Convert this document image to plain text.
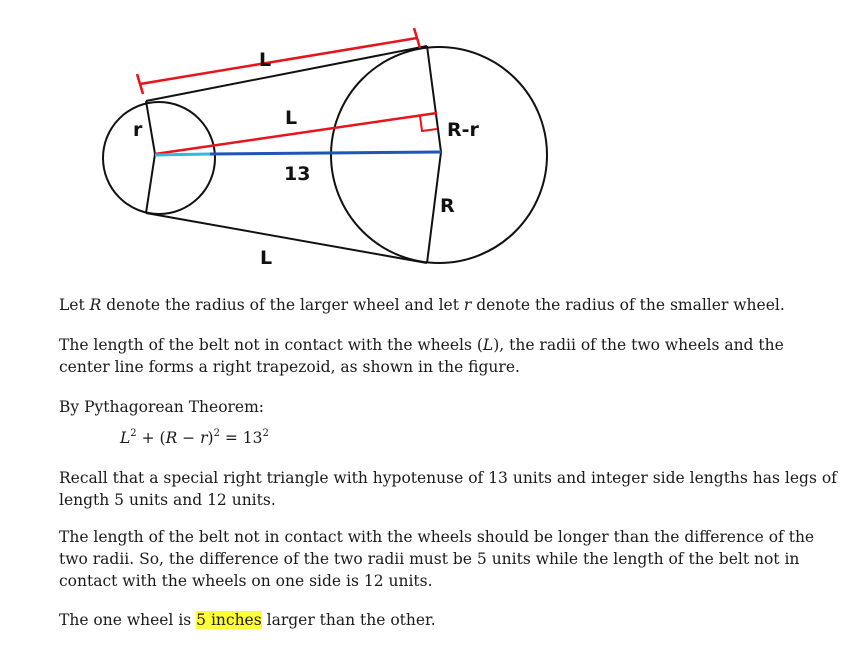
L
L
r
13
R-r
R
L

Let R denote the radius of the larger wheel and let r denote the radius of the smaller wheel.

The length of the belt not in contact with the wheels (L), the radii of the two wheels and the center line forms a right trapezoid, as shown in the figure.

By Pythagorean Theorem:

$L^2 + (R - r)^2 = 13^2$

Recall that a special right triangle with hypotenuse of 13 units and integer side lengths has legs of length 5 units and 12 units.

The length of the belt not in contact with the wheels should be longer than the difference of the two radii. So, the difference of the two radii must be 5 units while the length of the belt not in contact with the wheels on one side is 12 units.

The one wheel is 5 inches larger than the other.
